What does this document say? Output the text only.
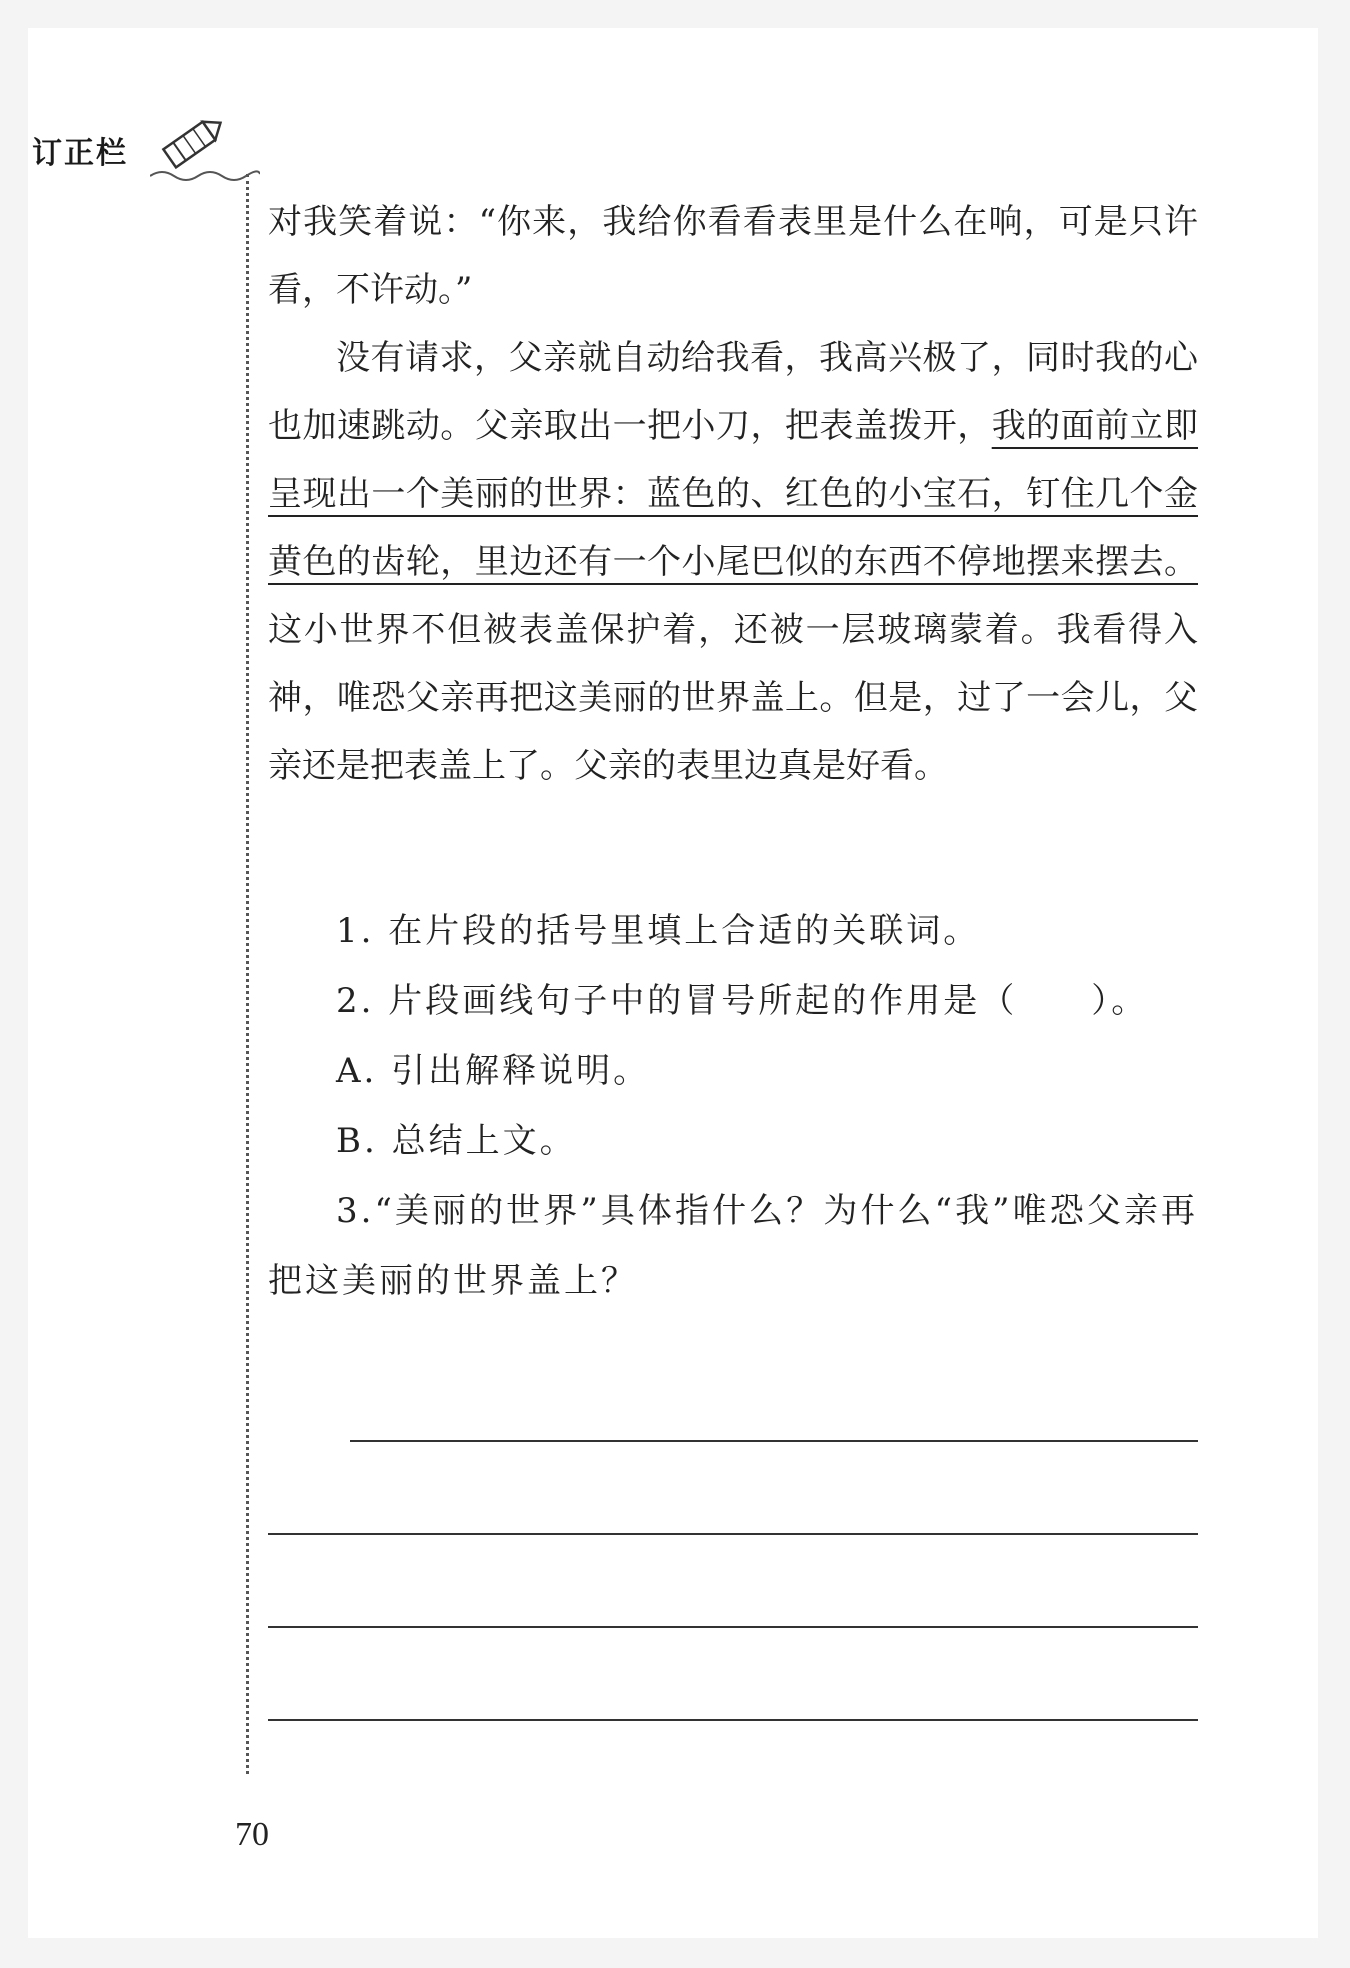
订正栏

对我笑着说：“你来，我给你看看表里是什么在响，可是只许看，不许动。”

没有请求，父亲就自动给我看，我高兴极了，同时我的心也加速跳动。父亲取出一把小刀，把表盖拨开，我的面前立即呈现出一个美丽的世界：蓝色的、红色的小宝石，钉住几个金黄色的齿轮，里边还有一个小尾巴似的东西不停地摆来摆去。这小世界不但被表盖保护着，还被一层玻璃蒙着。我看得入神，唯恐父亲再把这美丽的世界盖上。但是，过了一会儿，父亲还是把表盖上了。父亲的表里边真是好看。

1. 在片段的括号里填上合适的关联词。

2. 片段画线句子中的冒号所起的作用是（　　）。

A. 引出解释说明。

B. 总结上文。

3.“美丽的世界”具体指什么？为什么“我”唯恐父亲再把这美丽的世界盖上？

70
